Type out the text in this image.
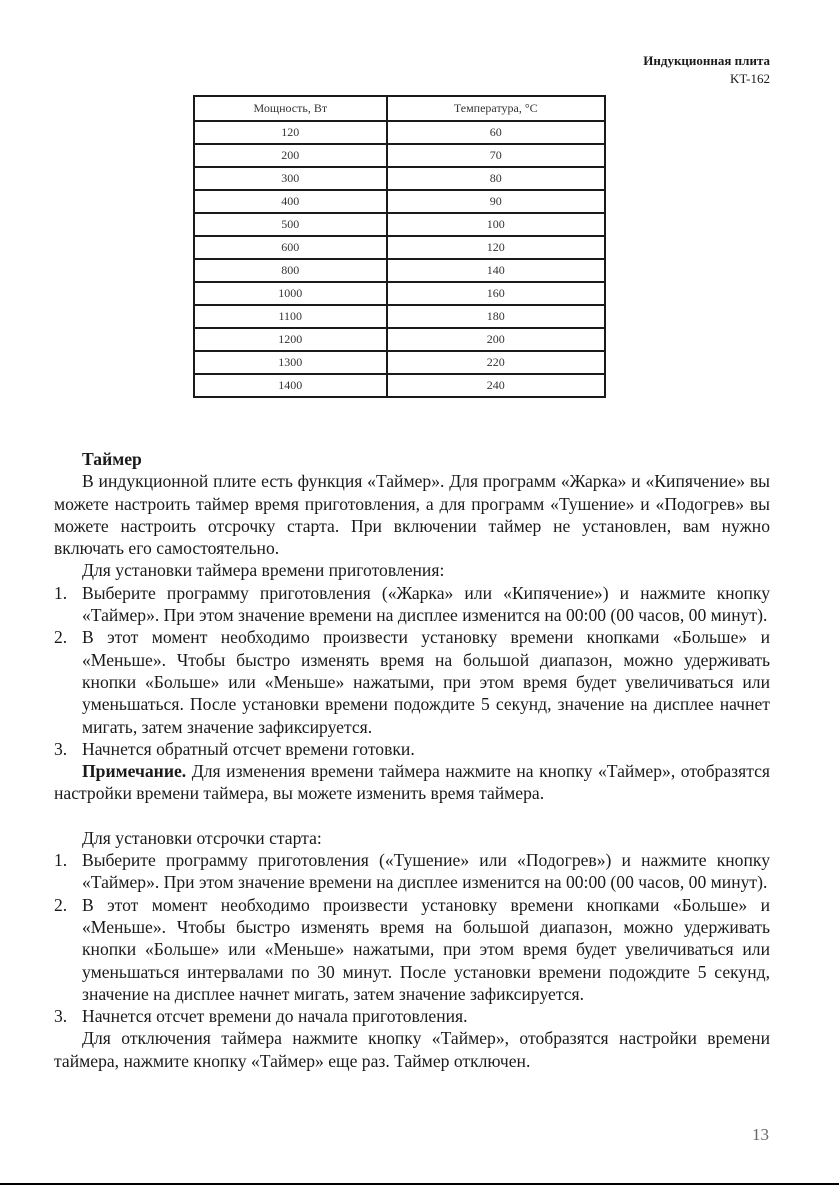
Индукционная плита
KT-162
Мощность, Вт	Температура, °С
120	60
200	70
300	80
400	90
500	100
600	120
800	140
1000	160
1100	180
1200	200
1300	220
1400	240
Таймер

В индукционной плите есть функция «Таймер». Для программ «Жарка» и «Кипячение» вы можете настроить таймер время приготовления, а для программ «Тушение» и «Подогрев» вы можете настроить отсрочку старта. При включении таймер не установлен, вам нужно включать его самостоятельно.

Для установки таймера времени приготовления:

1. Выберите программу приготовления («Жарка» или «Кипячение») и нажмите кнопку «Таймер». При этом значение времени на дисплее изменится на 00:00 (00 часов, 00 минут).
2. В этот момент необходимо произвести установку времени кнопками «Больше» и «Меньше». Чтобы быстро изменять время на большой диапазон, можно удерживать кнопки «Больше» или «Меньше» нажатыми, при этом время будет увеличиваться или уменьшаться. После установки времени подождите 5 секунд, значение на дисплее начнет мигать, затем значение зафиксируется.
3. Начнется обратный отсчет времени готовки.

Примечание. Для изменения времени таймера нажмите на кнопку «Таймер», отобразятся настройки времени таймера, вы можете изменить время таймера.

Для установки отсрочки старта:

1. Выберите программу приготовления («Тушение» или «Подогрев») и нажмите кнопку «Таймер». При этом значение времени на дисплее изменится на 00:00 (00 часов, 00 минут).
2. В этот момент необходимо произвести установку времени кнопками «Больше» и «Меньше». Чтобы быстро изменять время на большой диапазон, можно удерживать кнопки «Больше» или «Меньше» нажатыми, при этом время будет увеличиваться или уменьшаться интервалами по 30 минут. После установки времени подождите 5 секунд, значение на дисплее начнет мигать, затем значение зафиксируется.
3. Начнется отсчет времени до начала приготовления.

Для отключения таймера нажмите кнопку «Таймер», отобразятся настройки времени таймера, нажмите кнопку «Таймер» еще раз. Таймер отключен.

13
